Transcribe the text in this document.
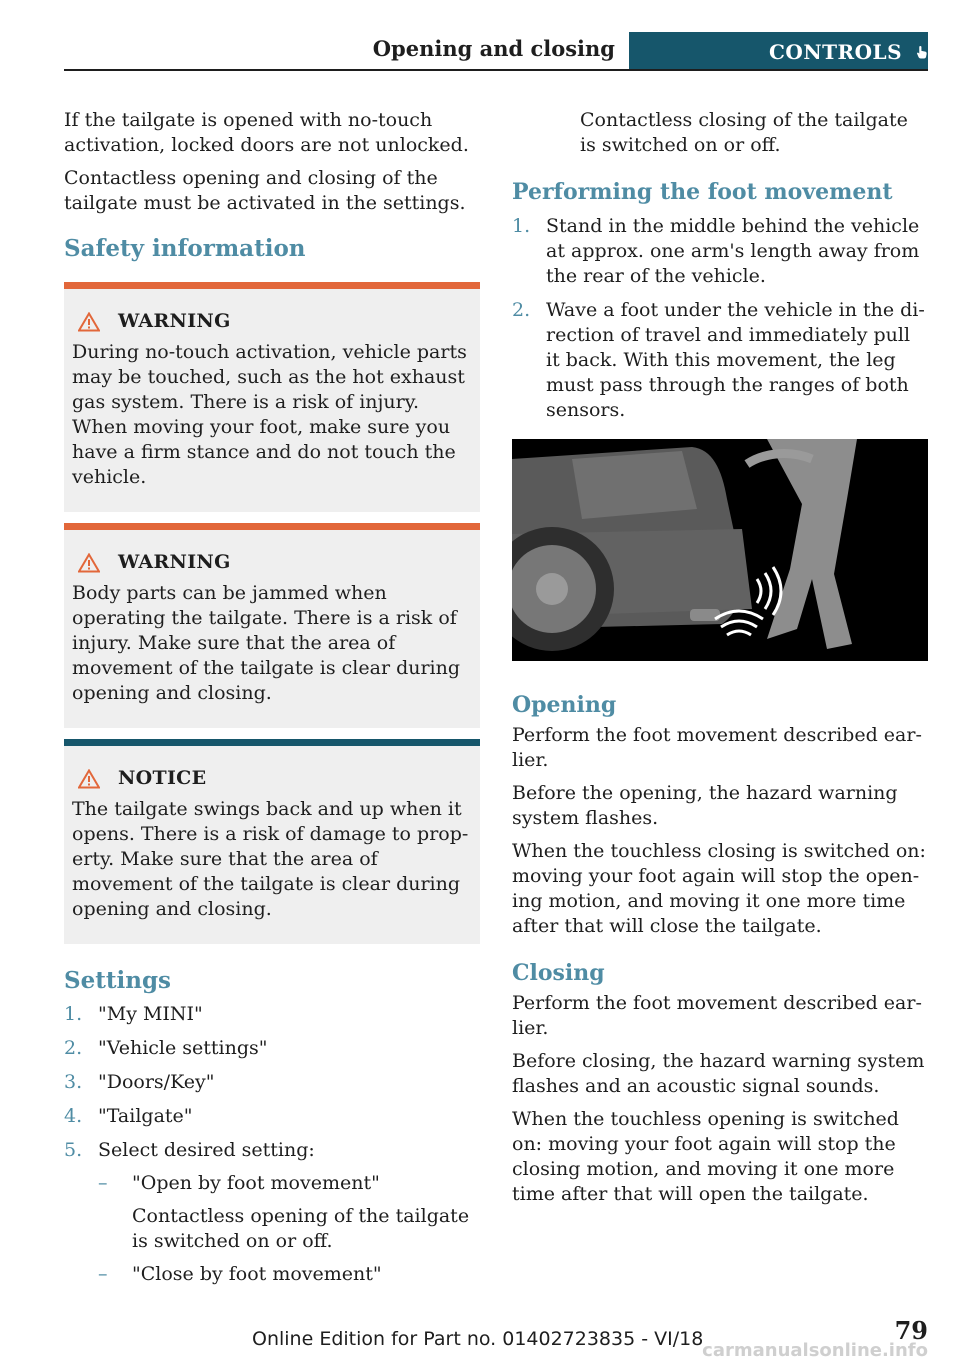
Opening and closing	CONTROLS

If the tailgate is opened with no-touch activation, locked doors are not unlocked.

Contactless opening and closing of the tailgate must be activated in the settings.

Safety information
WARNING
During no-touch activation, vehicle parts may be touched, such as the hot exhaust gas system. There is a risk of injury. When moving your foot, make sure you have a firm stance and do not touch the vehicle.
WARNING
Body parts can be jammed when operating the tailgate. There is a risk of injury. Make sure that the area of movement of the tailgate is clear during opening and closing.
NOTICE
The tailgate swings back and up when it opens. There is a risk of damage to property. Make sure that the area of movement of the tailgate is clear during opening and closing.
Settings
1. "My MINI"
2. "Vehicle settings"
3. "Doors/Key"
4. "Tailgate"
5. Select desired setting:
–	"Open by foot movement"
Contactless opening of the tailgate is switched on or off.
–	"Close by foot movement"

Contactless closing of the tailgate is switched on or off.

Performing the foot movement
1. Stand in the middle behind the vehicle at approx. one arm's length away from the rear of the vehicle.
2. Wave a foot under the vehicle in the direction of travel and immediately pull it back. With this movement, the leg must pass through the ranges of both sensors.
Opening

Perform the foot movement described earlier.

Before the opening, the hazard warning system flashes.

When the touchless closing is switched on: moving your foot again will stop the opening motion, and moving it one more time after that will close the tailgate.

Closing

Perform the foot movement described earlier.

Before closing, the hazard warning system flashes and an acoustic signal sounds.

When the touchless opening is switched on: moving your foot again will stop the closing motion, and moving it one more time after that will open the tailgate.

Online Edition for Part no. 01402723835 - VI/18	79
carmanualsonline.info
